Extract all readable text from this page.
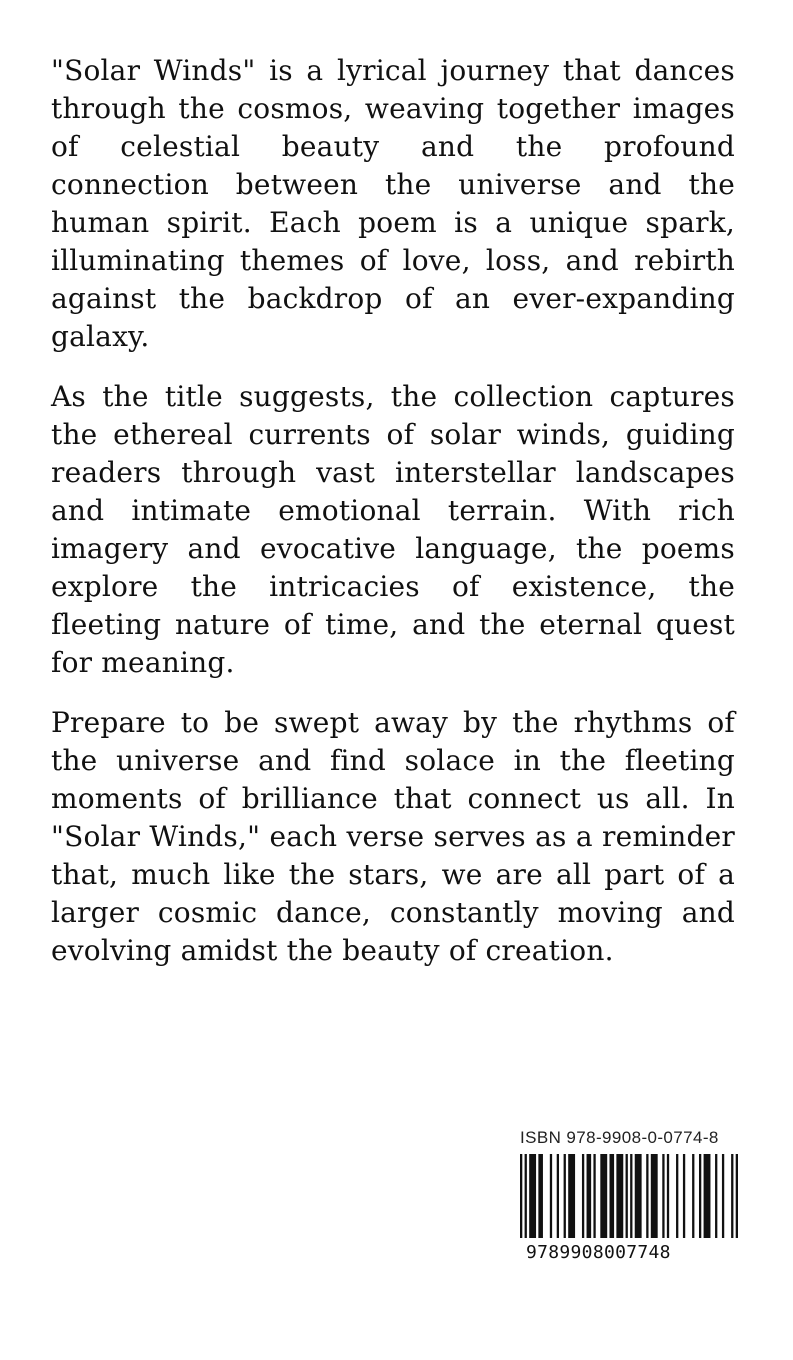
"Solar Winds" is a lyrical journey that dances through the cosmos, weaving together images of celestial beauty and the profound connection between the universe and the human spirit. Each poem is a unique spark, illuminating themes of love, loss, and rebirth against the backdrop of an ever-expanding galaxy.

As the title suggests, the collection captures the ethereal currents of solar winds, guiding readers through vast interstellar landscapes and intimate emotional terrain. With rich imagery and evocative language, the poems explore the intricacies of existence, the fleeting nature of time, and the eternal quest for meaning.

Prepare to be swept away by the rhythms of the universe and find solace in the fleeting moments of brilliance that connect us all. In "Solar Winds," each verse serves as a reminder that, much like the stars, we are all part of a larger cosmic dance, constantly moving and evolving amidst the beauty of creation.

ISBN 978-9908-0-0774-8
9789908007748
